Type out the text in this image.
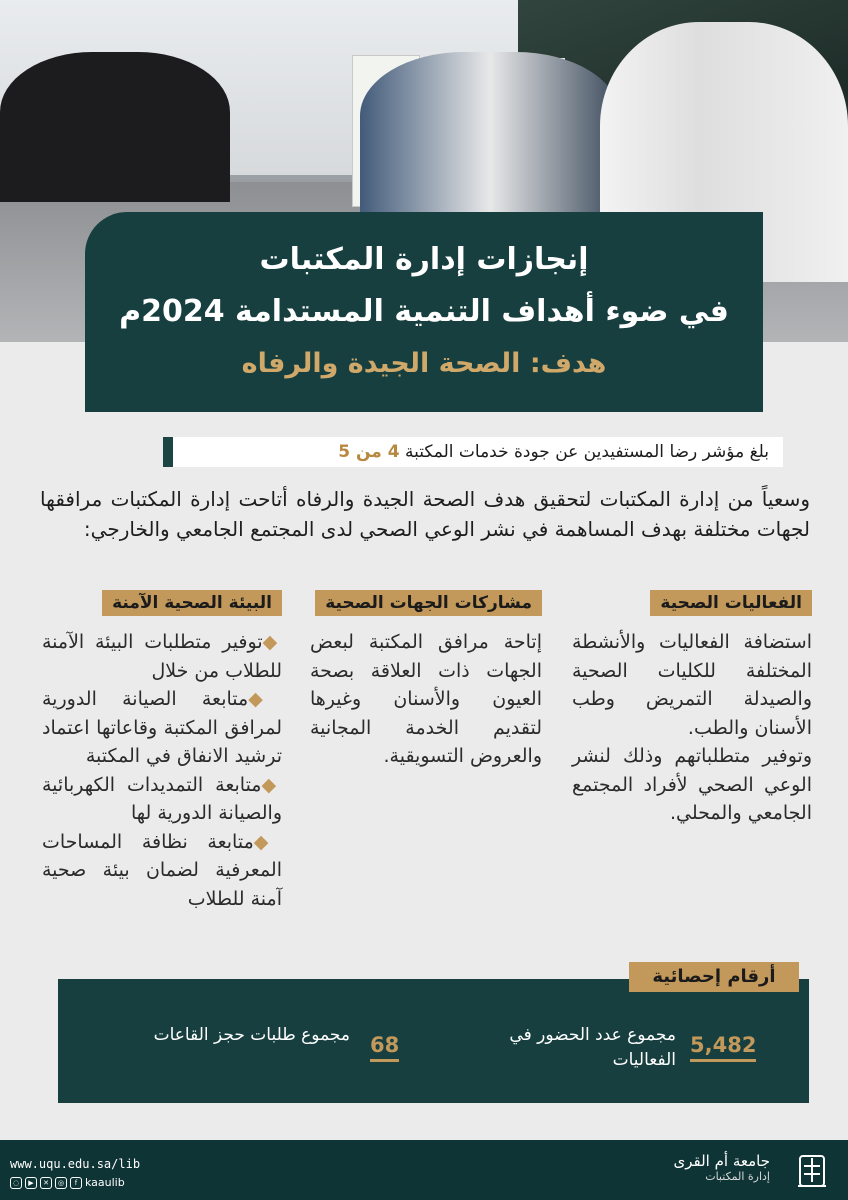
إنجازات إدارة المكتبات
في ضوء أهداف التنمية المستدامة 2024م
هدف: الصحة الجيدة والرفاه
بلغ مؤشر رضا المستفيدين عن جودة خدمات المكتبة 4 من 5
وسعياً من إدارة المكتبات لتحقيق هدف الصحة الجيدة والرفاه أتاحت إدارة المكتبات مرافقها لجهات مختلفة بهدف المساهمة في نشر الوعي الصحي لدى المجتمع الجامعي والخارجي:
الفعاليات الصحية

استضافة الفعاليات والأنشطة المختلفة للكليات الصحية والصيدلة التمريض وطب الأسنان والطب.

وتوفير متطلباتهم وذلك لنشر الوعي الصحي لأفراد المجتمع الجامعي والمحلي.

مشاركات الجهات الصحية

إتاحة مرافق المكتبة لبعض الجهات ذات العلاقة بصحة العيون والأسنان وغيرها لتقديم الخدمة المجانية والعروض التسويقية.

البيئة الصحية الآمنة

◆توفير متطلبات البيئة الآمنة للطلاب من خلال

◆متابعة الصيانة الدورية لمرافق المكتبة وقاعاتها اعتماد ترشيد الانفاق في المكتبة

◆متابعة التمديدات الكهربائية والصيانة الدورية لها

◆متابعة نظافة المساحات المعرفية لضمان بيئة صحية آمنة للطلاب

أرقام إحصائية
5,482
مجموع عدد الحضور في الفعاليات
68
مجموع طلبات حجز القاعات
www.uqu.edu.sa/lib
◌	▶	✕	◎	f kaaulib
جامعة أم القرى
إدارة المكتبات
